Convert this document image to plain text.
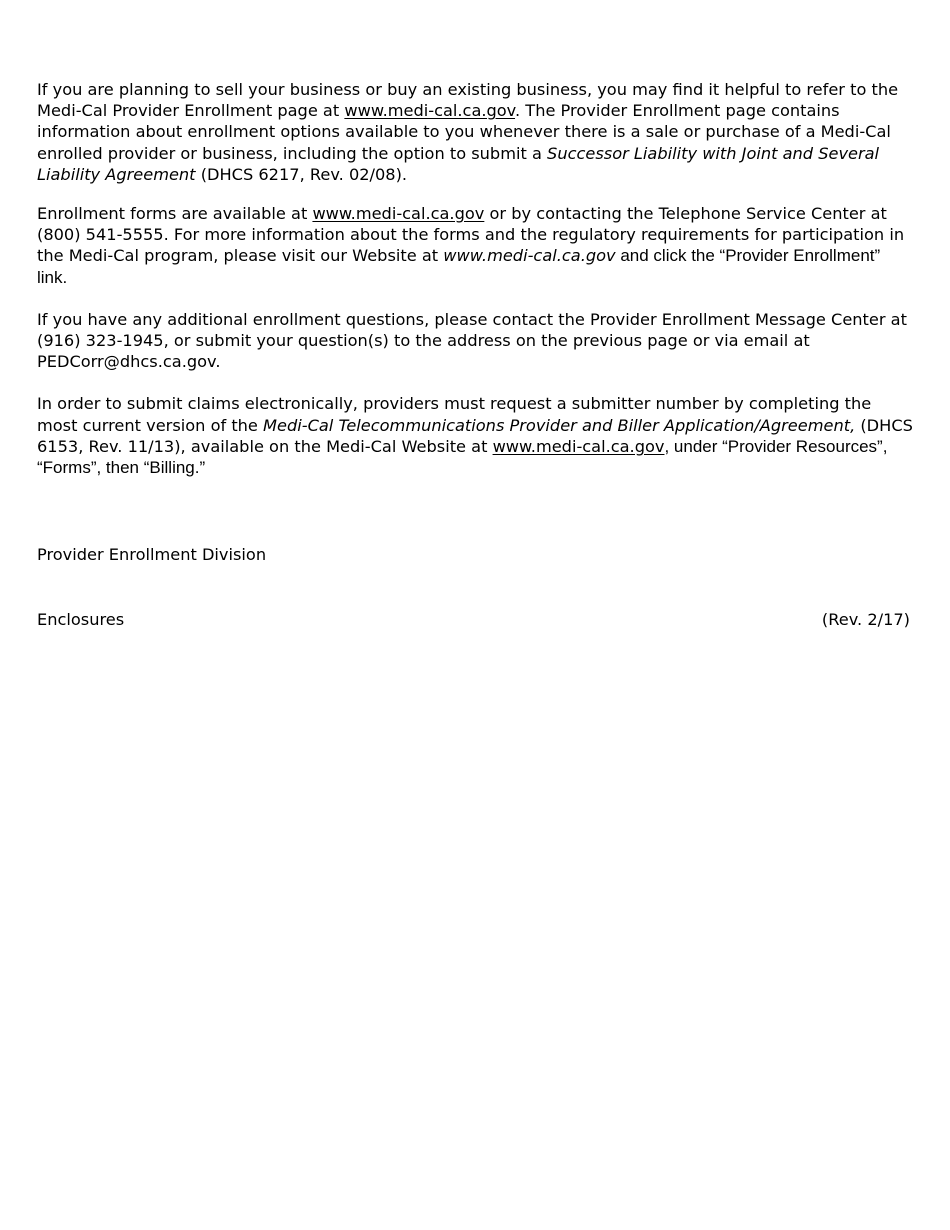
If you are planning to sell your business or buy an existing business, you may find it helpful to refer to the Medi-Cal Provider Enrollment page at www.medi-cal.ca.gov. The Provider Enrollment page contains information about enrollment options available to you whenever there is a sale or purchase of a Medi-Cal enrolled provider or business, including the option to submit a Successor Liability with Joint and Several Liability Agreement (DHCS 6217, Rev. 02/08).

Enrollment forms are available at www.medi-cal.ca.gov or by contacting the Telephone Service Center at (800) 541-5555. For more information about the forms and the regulatory requirements for participation in the Medi-Cal program, please visit our Website at www.medi-cal.ca.gov and click the “Provider Enrollment” link.

If you have any additional enrollment questions, please contact the Provider Enrollment Message Center at (916) 323-1945, or submit your question(s) to the address on the previous page or via email at PEDCorr@dhcs.ca.gov.

In order to submit claims electronically, providers must request a submitter number by completing the most current version of the Medi-Cal Telecommunications Provider and Biller Application/Agreement, (DHCS 6153, Rev. 11/13), available on the Medi-Cal Website at www.medi-cal.ca.gov, under “Provider Resources”, “Forms”, then “Billing.”

Provider Enrollment Division
Enclosures	(Rev. 2/17)
